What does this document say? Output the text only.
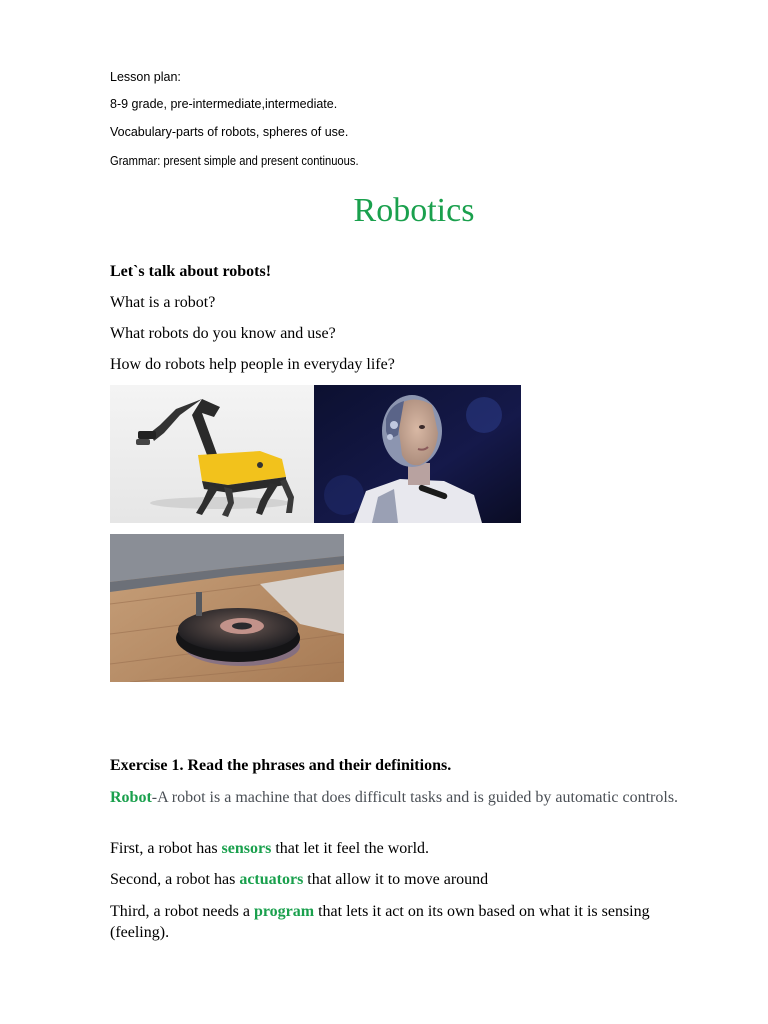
Lesson plan:
8-9 grade, pre-intermediate,intermediate.
Vocabulary-parts of robots, spheres of use.
Grammar: present simple and present continuous.
Robotics
Let`s talk about robots!
What is a robot?
What robots do you know and use?
How do robots help people in everyday life?
Exercise 1. Read the phrases and their definitions.
Robot-A robot is a machine that does difficult tasks and is guided by automatic controls.
First, a robot has sensors that let it feel the world.
Second, a robot has actuators that allow it to move around
Third, a robot needs a program that lets it act on its own based on what it is sensing (feeling).
